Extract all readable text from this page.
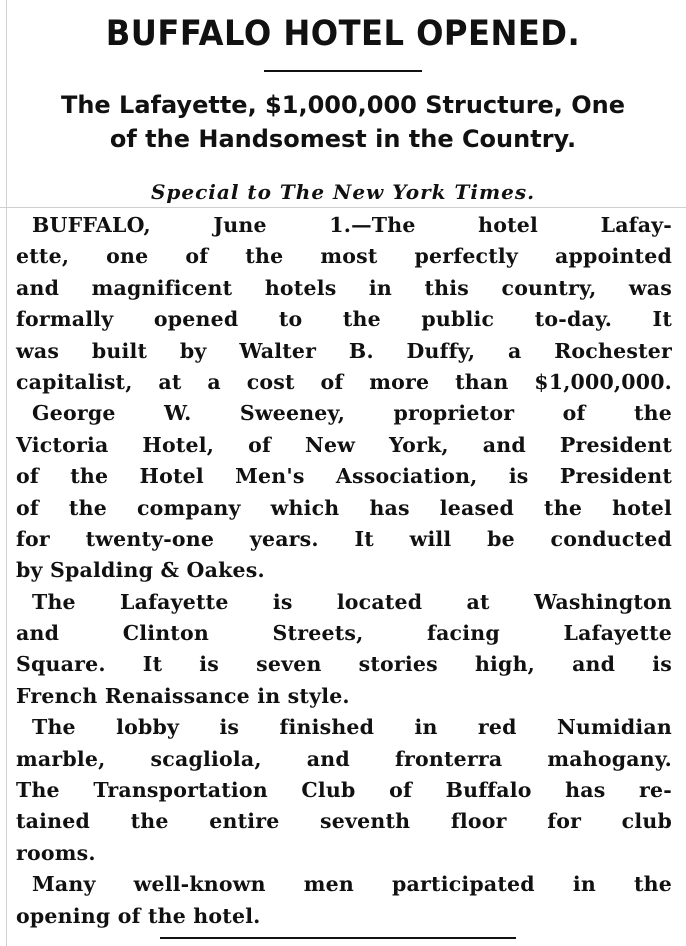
BUFFALO HOTEL OPENED.
The Lafayette, $1,000,000 Structure, One
of the Handsomest in the Country.
Special to The New York Times.
BUFFALO, June 1.—The hotel Lafay-
ette, one of the most perfectly appointed
and magnificent hotels in this country, was
formally opened to the public to-day. It
was built by Walter B. Duffy, a Rochester
capitalist, at a cost of more than $1,000,000.
George W. Sweeney, proprietor of the
Victoria Hotel, of New York, and President
of the Hotel Men's Association, is President
of the company which has leased the hotel
for twenty-one years. It will be conducted
by Spalding & Oakes.
The Lafayette is located at Washington
and Clinton Streets, facing Lafayette
Square. It is seven stories high, and is
French Renaissance in style.
The lobby is finished in red Numidian
marble, scagliola, and fronterra mahogany.
The Transportation Club of Buffalo has re-
tained the entire seventh floor for club
rooms.
Many well-known men participated in the
opening of the hotel.
